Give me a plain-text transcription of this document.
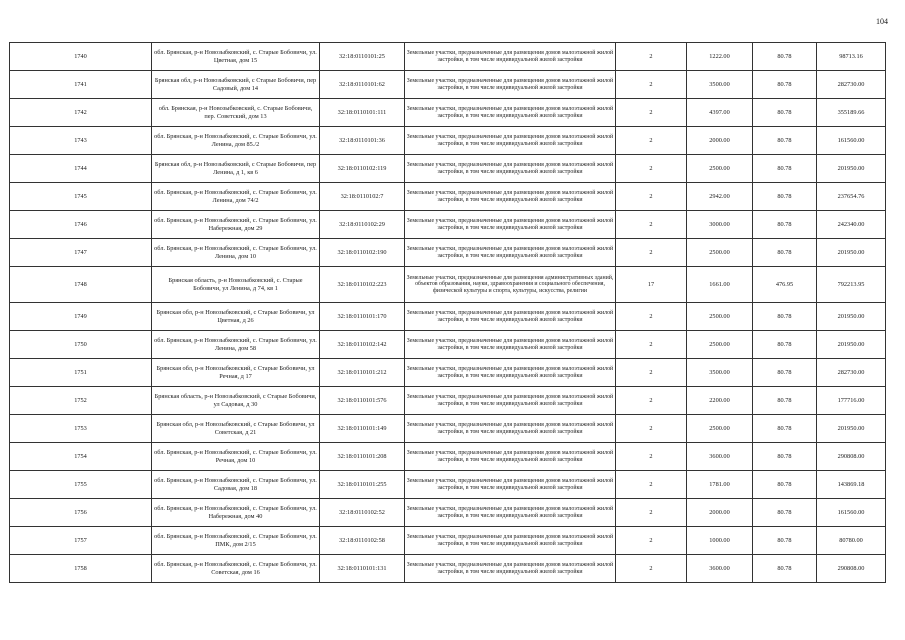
104
1740	обл. Брянская, р-н Новозыбковский, с. Старые Бобовичи, ул. Цветная, дом 15	32:18:0110101:25	Земельные участки, предназначенные для размещения домов малоэтажной жилой застройки, в том числе индивидуальной жилой застройки	2	1222.00	80.78	98713.16
1741	Брянская обл, р-н Новозыбковский, с Старые Бобовичи, пер Садовый, дом 14	32:18:0110101:62	Земельные участки, предназначенные для размещения домов малоэтажной жилой застройки, в том числе индивидуальной жилой застройки	2	3500.00	80.78	282730.00
1742	обл. Брянская, р-н Новозыбковский, с. Старые Бобовичи, пер. Советский, дом 13	32:18:0110101:111	Земельные участки, предназначенные для размещения домов малоэтажной жилой застройки, в том числе индивидуальной жилой застройки	2	4397.00	80.78	355189.66
1743	обл. Брянская, р-н Новозыбковский, с. Старые Бобовичи, ул. Ленина, дом 85./2	32:18:0110101:36	Земельные участки, предназначенные для размещения домов малоэтажной жилой застройки, в том числе индивидуальной жилой застройки	2	2000.00	80.78	161560.00
1744	Брянская обл, р-н Новозыбковский, с Старые Бобовичи, пер Ленина, д 1, кв 6	32:18:0110102:119	Земельные участки, предназначенные для размещения домов малоэтажной жилой застройки, в том числе индивидуальной жилой застройки	2	2500.00	80.78	201950.00
1745	обл. Брянская, р-н Новозыбковский, с. Старые Бобовичи, ул. Ленина, дом 74/2	32:18:0110102:7	Земельные участки, предназначенные для размещения домов малоэтажной жилой застройки, в том числе индивидуальной жилой застройки	2	2942.00	80.78	237654.76
1746	обл. Брянская, р-н Новозыбковский, с. Старые Бобовичи, ул. Набережная, дом 29	32:18:0110102:29	Земельные участки, предназначенные для размещения домов малоэтажной жилой застройки, в том числе индивидуальной жилой застройки	2	3000.00	80.78	242340.00
1747	обл. Брянская, р-н Новозыбковский, с. Старые Бобовичи, ул. Ленина, дом 10	32:18:0110102:190	Земельные участки, предназначенные для размещения домов малоэтажной жилой застройки, в том числе индивидуальной жилой застройки	2	2500.00	80.78	201950.00
1748	Брянская область, р-н Новозыбковский, с. Старые Бобовичи, ул Ленина, д 74, кв 1	32:18:0110102:223	Земельные участки, предназначенные для размещения административных зданий, объектов образования, науки, здравоохранения и социального обеспечения, физической культуры и спорта, культуры, искусства, религии	17	1661.00	476.95	792213.95
1749	Брянская обл, р-н Новозыбковский, с Старые Бобовичи, ул Цветная, д 26	32:18:0110101:170	Земельные участки, предназначенные для размещения домов малоэтажной жилой застройки, в том числе индивидуальной жилой застройки	2	2500.00	80.78	201950.00
1750	обл. Брянская, р-н Новозыбковский, с. Старые Бобовичи, ул. Ленина, дом 58	32:18:0110102:142	Земельные участки, предназначенные для размещения домов малоэтажной жилой застройки, в том числе индивидуальной жилой застройки	2	2500.00	80.78	201950.00
1751	Брянская обл, р-н Новозыбковский, с Старые Бобовичи, ул Речная, д 17	32:18:0110101:212	Земельные участки, предназначенные для размещения домов малоэтажной жилой застройки, в том числе индивидуальной жилой застройки	2	3500.00	80.78	282730.00
1752	Брянская область, р-н Новозыбковский, с Старые Бобовичи, ул Садовая, д 30	32:18:0110101:576	Земельные участки, предназначенные для размещения домов малоэтажной жилой застройки, в том числе индивидуальной жилой застройки	2	2200.00	80.78	177716.00
1753	Брянская обл, р-н Новозыбковский, с Старые Бобовичи, ул Советская, д 21	32:18:0110101:149	Земельные участки, предназначенные для размещения домов малоэтажной жилой застройки, в том числе индивидуальной жилой застройки	2	2500.00	80.78	201950.00
1754	обл. Брянская, р-н Новозыбковский, с. Старые Бобовичи, ул. Речная, дом 10	32:18:0110101:208	Земельные участки, предназначенные для размещения домов малоэтажной жилой застройки, в том числе индивидуальной жилой застройки	2	3600.00	80.78	290808.00
1755	обл. Брянская, р-н Новозыбковский, с. Старые Бобовичи, ул. Садовая, дом 18	32:18:0110101:255	Земельные участки, предназначенные для размещения домов малоэтажной жилой застройки, в том числе индивидуальной жилой застройки	2	1781.00	80.78	143869.18
1756	обл. Брянская, р-н Новозыбковский, с. Старые Бобовичи, ул. Набережная, дом 40	32:18:0110102:52	Земельные участки, предназначенные для размещения домов малоэтажной жилой застройки, в том числе индивидуальной жилой застройки	2	2000.00	80.78	161560.00
1757	обл. Брянская, р-н Новозыбковский, с. Старые Бобовичи, ул. ПМК, дом 2/15	32:18:0110102:58	Земельные участки, предназначенные для размещения домов малоэтажной жилой застройки, в том числе индивидуальной жилой застройки	2	1000.00	80.78	80780.00
1758	обл. Брянская, р-н Новозыбковский, с. Старые Бобовичи, ул. Советская, дом 16	32:18:0110101:131	Земельные участки, предназначенные для размещения домов малоэтажной жилой застройки, в том числе индивидуальной жилой застройки	2	3600.00	80.78	290808.00
